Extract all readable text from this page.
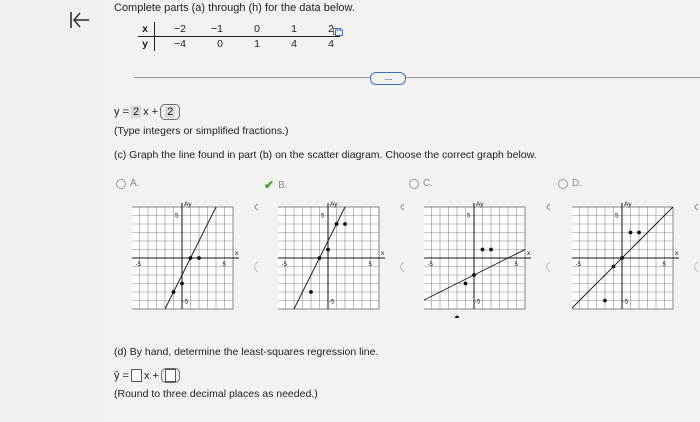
Complete parts (a) through (h) for the data below.
x	−2	−1	0	1	2
y	−4	0	1	4	4
.....
y = 2 x + 2
(Type integers or simplified fractions.)
(c) Graph the line found in part (b) on the scatter diagram. Choose the correct graph below.
A.	✔ B.	C.	D.
Ay
x
5
5
-5
-5
Ay
x
5
5
-5
-5
Ay
x
5
5
-5
-5
Ay
x
5
5
-5
-5
(d) By hand, determine the least-squares regression line.
ŷ = x +
(Round to three decimal places as needed.)
